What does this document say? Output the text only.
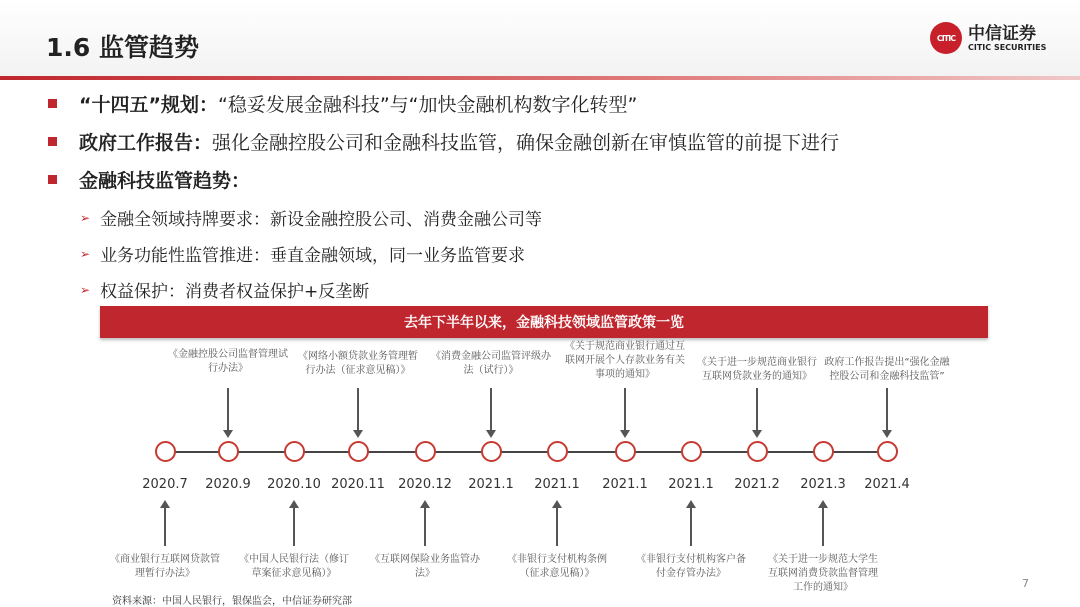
1.6 监管趋势	CITIC 中信证券
CITIC SECURITIES
“十四五”规划： “稳妥发展金融科技”与“加快金融机构数字化转型”
政府工作报告： 强化金融控股公司和金融科技监管，确保金融创新在审慎监管的前提下进行
金融科技监管趋势：
➢ 金融全领域持牌要求：新设金融控股公司、消费金融公司等
➢ 业务功能性监管推进：垂直金融领域，同一业务监管要求
➢ 权益保护：消费者权益保护+反垄断
去年下半年以来，金融科技领域监管政策一览
2020.7	2020.9	2020.10 2020.11	2020.12	2021.1	2021.1	2021.1	2021.1	2021.2	2021.3	2021.4
《金融控股公司监督管理试行办法》
《网络小额贷款业务管理暂行办法（征求意见稿）》
《消费金融公司监管评级办法（试行）》
《关于规范商业银行通过互联网开展个人存款业务有关事项的通知》
《关于进一步规范商业银行互联网贷款业务的通知》
政府工作报告提出“强化金融控股公司和金融科技监管”
《商业银行互联网贷款管理暂行办法》
《中国人民银行法（修订草案征求意见稿）》
《互联网保险业务监管办法》
《非银行支付机构条例（征求意见稿）》
《非银行支付机构客户备付金存管办法》
《关于进一步规范大学生互联网消费贷款监督管理工作的通知》
资料来源：中国人民银行，银保监会，中信证券研究部
7
